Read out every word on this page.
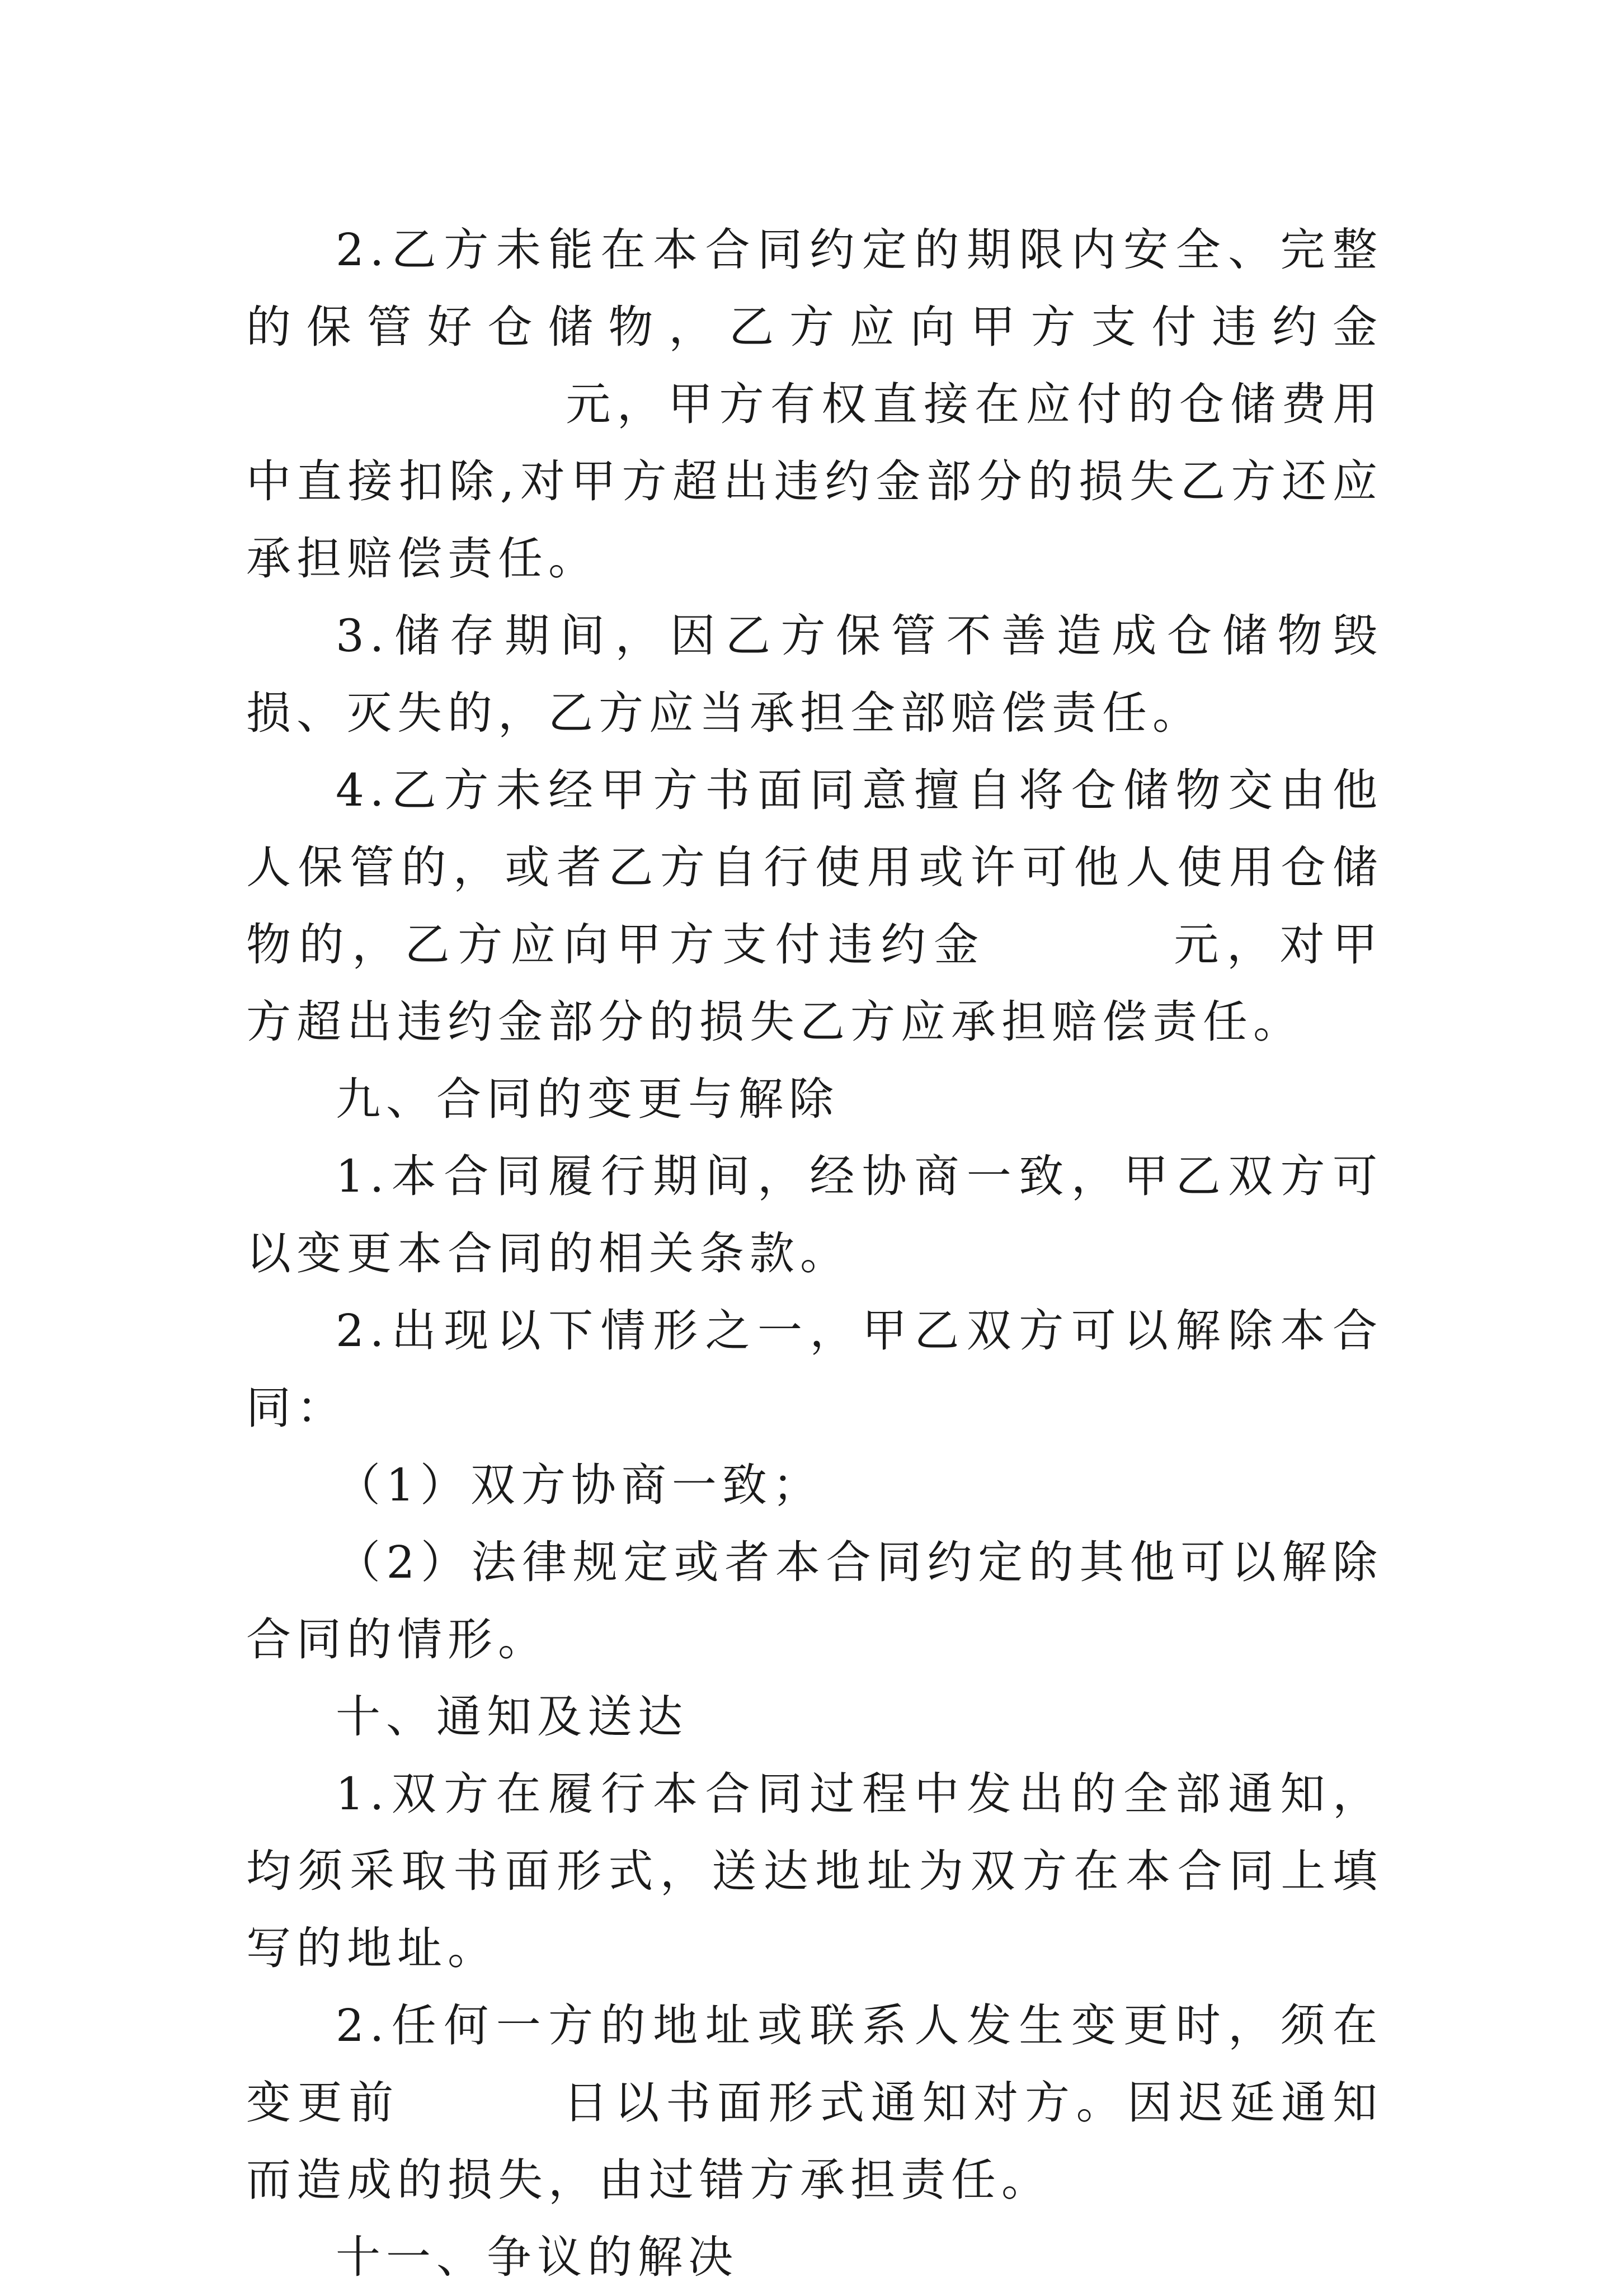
2.乙方未能在本合同约定的期限内安全、完整的保管好仓储物，乙方应向甲方支付违约金元，甲方有权直接在应付的仓储费用中直接扣除,对甲方超出违约金部分的损失乙方还应承担赔偿责任。

3.储存期间，因乙方保管不善造成仓储物毁损、灭失的，乙方应当承担全部赔偿责任。

4.乙方未经甲方书面同意擅自将仓储物交由他人保管的，或者乙方自行使用或许可他人使用仓储物的，乙方应向甲方支付违约金	元，对甲方超出违约金部分的损失乙方应承担赔偿责任。

九、合同的变更与解除

1.本合同履行期间，经协商一致，甲乙双方可以变更本合同的相关条款。

2.出现以下情形之一，甲乙双方可以解除本合同：

（1）双方协商一致；

（2）法律规定或者本合同约定的其他可以解除合同的情形。

十、通知及送达

1.双方在履行本合同过程中发出的全部通知，均须采取书面形式，送达地址为双方在本合同上填写的地址。

2.任何一方的地址或联系人发生变更时，须在变更前	日以书面形式通知对方。因迟延通知而造成的损失，由过错方承担责任。

十一、争议的解决
